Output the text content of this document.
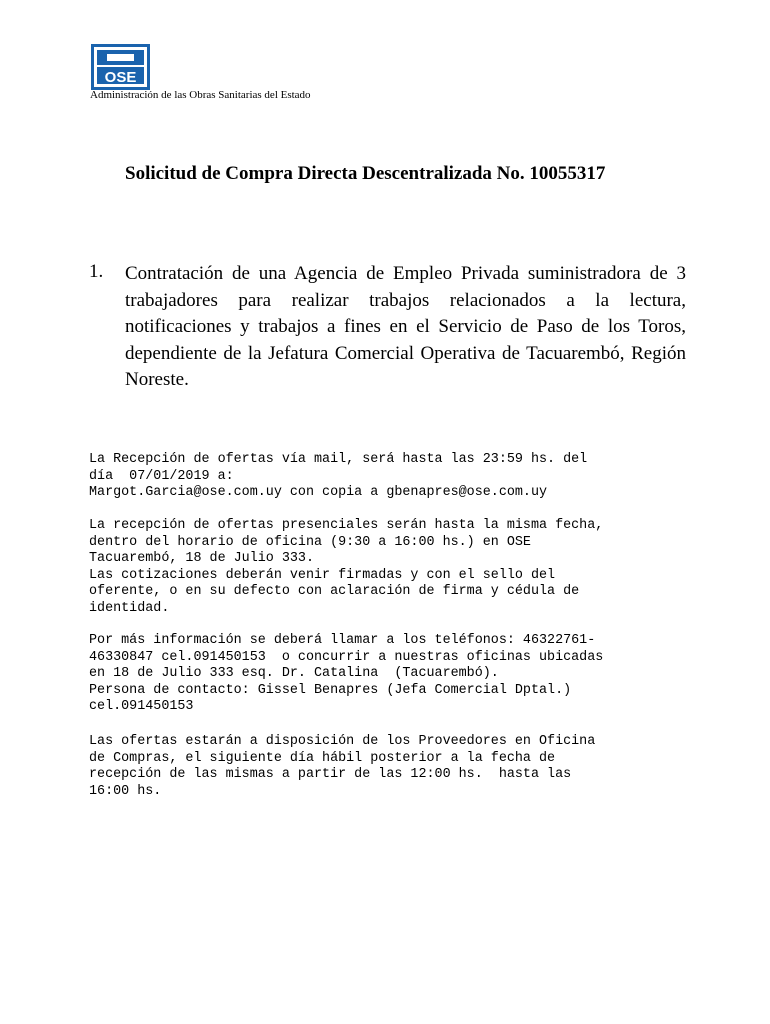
OSE
Administración de las Obras Sanitarias del Estado
Solicitud de Compra Directa Descentralizada No. 10055317
1. Contratación de una Agencia de Empleo Privada suministradora de 3 trabajadores para realizar trabajos relacionados a la lectura, notificaciones y trabajos a fines en el Servicio de Paso de los Toros, dependiente de la Jefatura Comercial Operativa de Tacuarembó, Región Noreste.

La Recepción de ofertas vía mail, será hasta las 23:59 hs. del
día  07/01/2019 a:
Margot.Garcia@ose.com.uy con copia a gbenapres@ose.com.uy
La recepción de ofertas presenciales serán hasta la misma fecha,
dentro del horario de oficina (9:30 a 16:00 hs.) en OSE
Tacuarembó, 18 de Julio 333.
Las cotizaciones deberán venir firmadas y con el sello del
oferente, o en su defecto con aclaración de firma y cédula de
identidad.
Por más información se deberá llamar a los teléfonos: 46322761-
46330847 cel.091450153  o concurrir a nuestras oficinas ubicadas
en 18 de Julio 333 esq. Dr. Catalina  (Tacuarembó).
Persona de contacto: Gissel Benapres (Jefa Comercial Dptal.)
cel.091450153
Las ofertas estarán a disposición de los Proveedores en Oficina
de Compras, el siguiente día hábil posterior a la fecha de
recepción de las mismas a partir de las 12:00 hs.  hasta las
16:00 hs.
